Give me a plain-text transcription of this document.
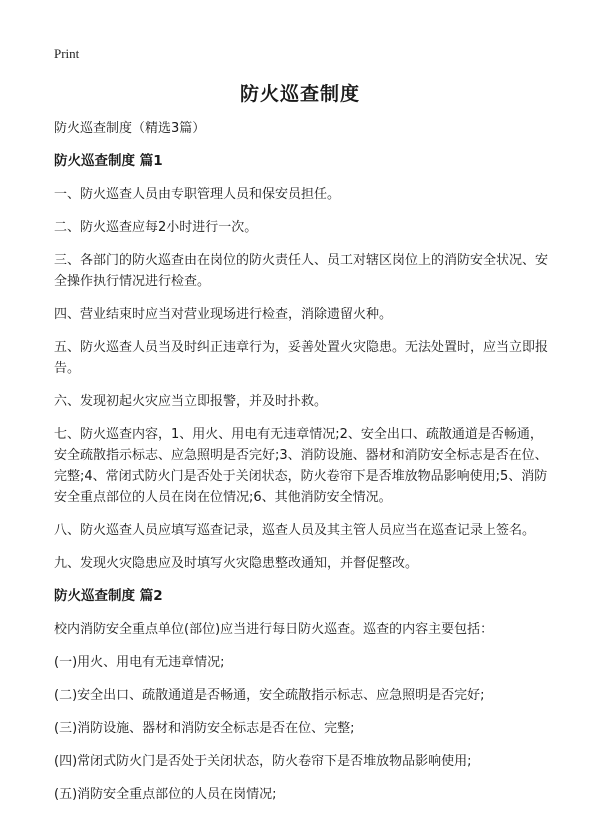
Print
防火巡查制度

防火巡查制度（精选3篇）

防火巡查制度 篇1

一、防火巡查人员由专职管理人员和保安员担任。

二、防火巡查应每2小时进行一次。

三、各部门的防火巡查由在岗位的防火责任人、员工对辖区岗位上的消防安全状况、安全操作执行情况进行检查。

四、营业结束时应当对营业现场进行检查，消除遗留火种。

五、防火巡查人员当及时纠正违章行为，妥善处置火灾隐患。无法处置时，应当立即报告。

六、发现初起火灾应当立即报警，并及时扑救。

七、防火巡查内容，1、用火、用电有无违章情况;2、安全出口、疏散通道是否畅通，安全疏散指示标志、应急照明是否完好;3、消防设施、器材和消防安全标志是否在位、完整;4、常闭式防火门是否处于关闭状态，防火卷帘下是否堆放物品影响使用;5、消防安全重点部位的人员在岗在位情况;6、其他消防安全情况。

八、防火巡查人员应填写巡查记录，巡查人员及其主管人员应当在巡查记录上签名。

九、发现火灾隐患应及时填写火灾隐患整改通知，并督促整改。

防火巡查制度 篇2

校内消防安全重点单位(部位)应当进行每日防火巡查。巡查的内容主要包括：

(一)用火、用电有无违章情况;

(二)安全出口、疏散通道是否畅通，安全疏散指示标志、应急照明是否完好;

(三)消防设施、器材和消防安全标志是否在位、完整;

(四)常闭式防火门是否处于关闭状态，防火卷帘下是否堆放物品影响使用;

(五)消防安全重点部位的人员在岗情况;
